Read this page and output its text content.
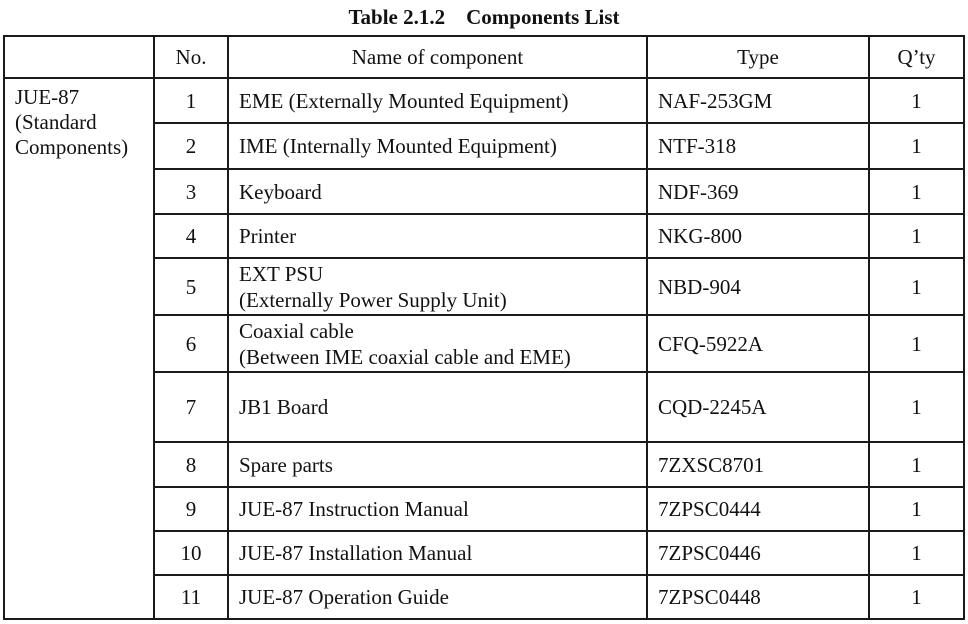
Table 2.1.2    Components List
	No.	Name of component	Type	Q’ty

JUE-87
(Standard
Components)	1	EME (Externally Mounted Equipment)	NAF-253GM	1
	2	IME (Internally Mounted Equipment)	NTF-318	1
	3	Keyboard	NDF-369	1
	4	Printer	NKG-800	1
	5	EXT PSU
(Externally Power Supply Unit)	NBD-904	1
	6	Coaxial cable
(Between IME coaxial cable and EME)	CFQ-5922A	1
	7	JB1 Board	CQD-2245A	1
	8	Spare parts	7ZXSC8701	1
	9	JUE-87 Instruction Manual	7ZPSC0444	1
	10	JUE-87 Installation Manual	7ZPSC0446	1
	11	JUE-87 Operation Guide	7ZPSC0448	1
